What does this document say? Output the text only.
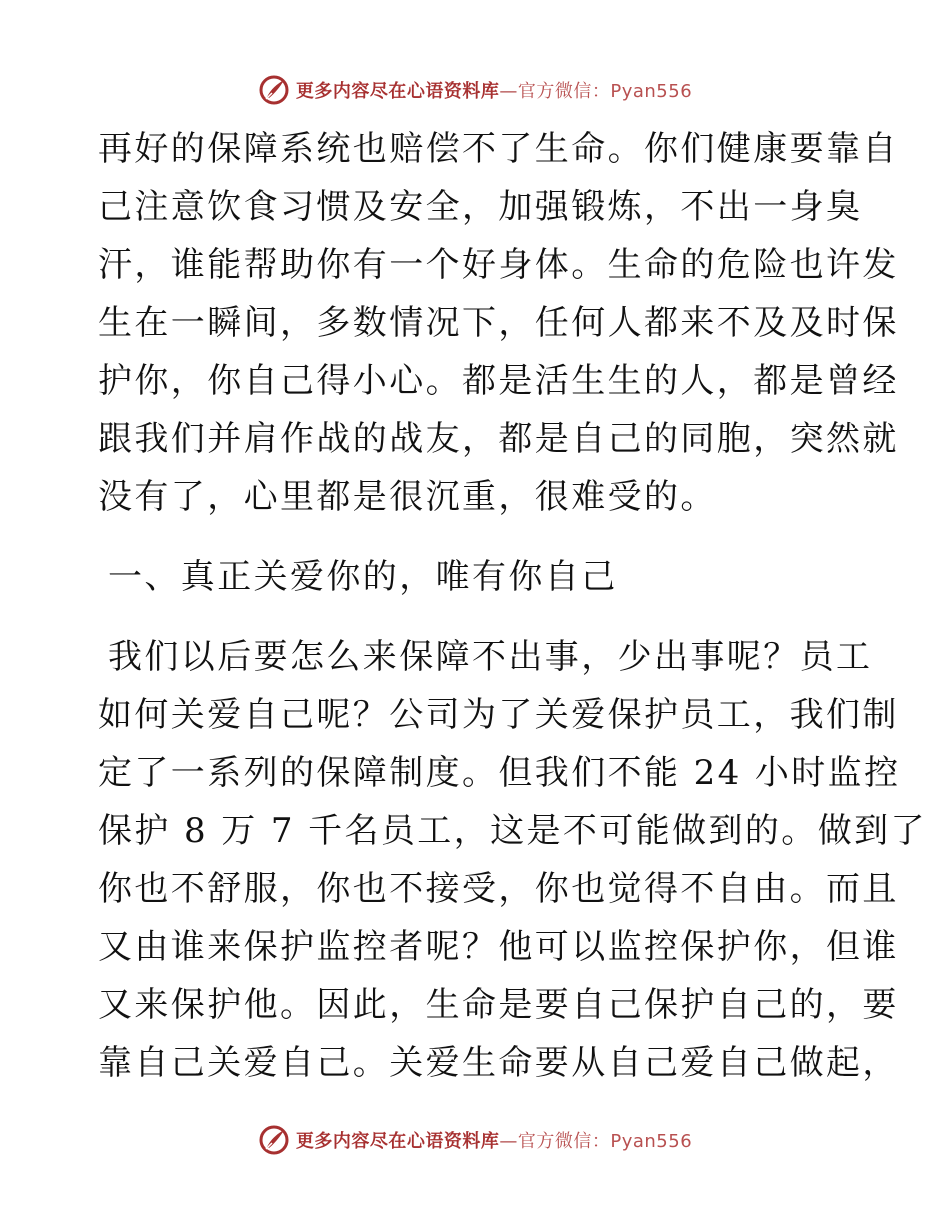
更多内容尽在心语资料库—官方微信：Pyan556
再好的保障系统也赔偿不了生命。你们健康要靠自
己注意饮食习惯及安全，加强锻炼，不出一身臭
汗，谁能帮助你有一个好身体。生命的危险也许发
生在一瞬间，多数情况下，任何人都来不及及时保
护你，你自己得小心。都是活生生的人，都是曾经
跟我们并肩作战的战友，都是自己的同胞，突然就
没有了，心里都是很沉重，很难受的。
一、真正关爱你的，唯有你自己
我们以后要怎么来保障不出事，少出事呢？员工
如何关爱自己呢？公司为了关爱保护员工，我们制
定了一系列的保障制度。但我们不能 24 小时监控
保护 8 万 7 千名员工，这是不可能做到的。做到了
你也不舒服，你也不接受，你也觉得不自由。而且
又由谁来保护监控者呢？他可以监控保护你，但谁
又来保护他。因此，生命是要自己保护自己的，要
靠自己关爱自己。关爱生命要从自己爱自己做起，
更多内容尽在心语资料库—官方微信：Pyan556
